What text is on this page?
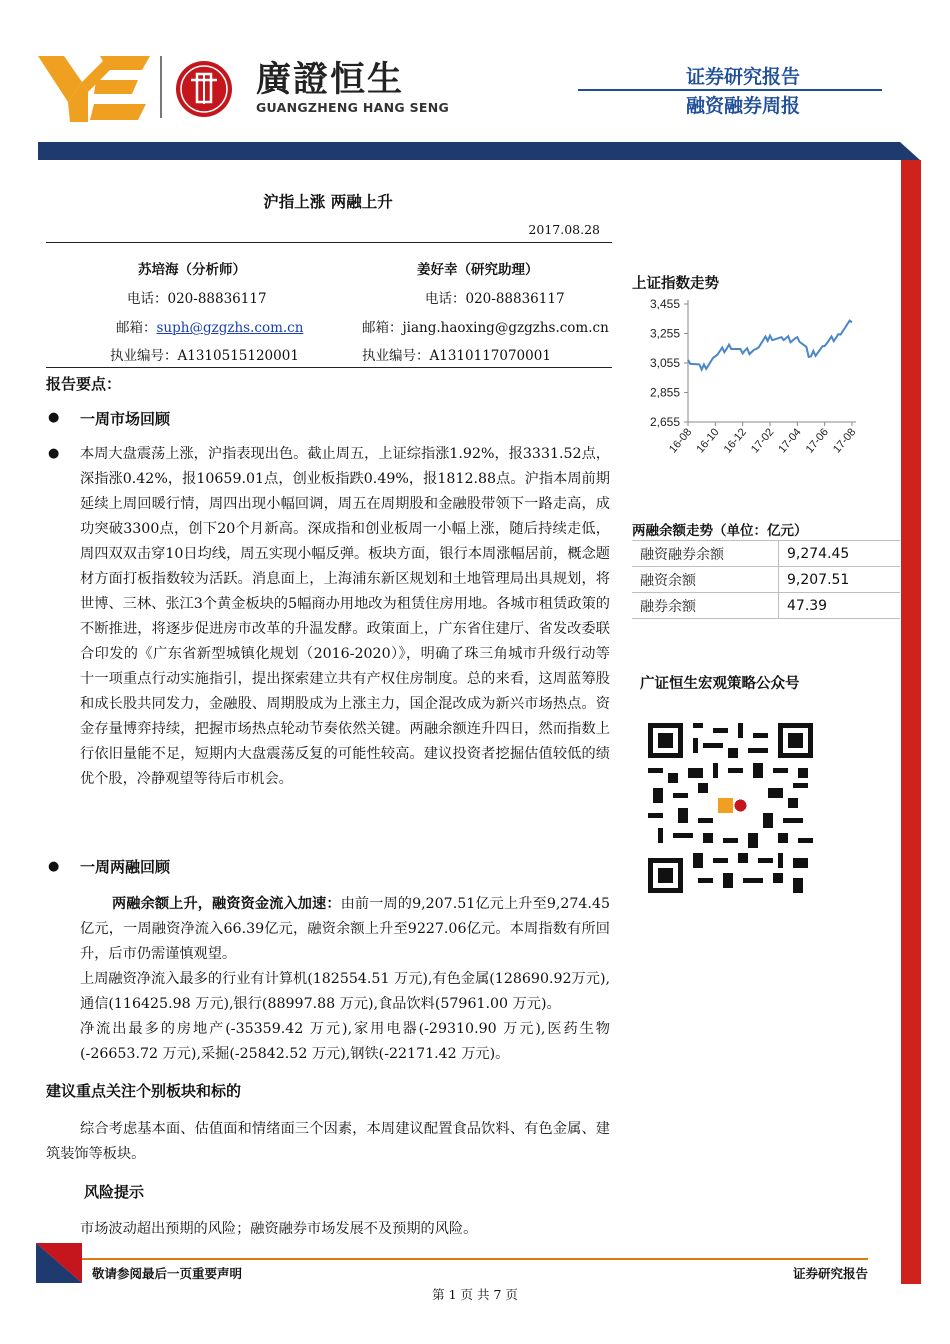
廣證恒生
GUANGZHENG HANG SENG
证券研究报告
融资融券周报
沪指上涨 两融上升
2017.08.28
苏培海（分析师）	姜好幸（研究助理）
电话：020-88836117	电话：020-88836117
邮箱：suph@gzgzhs.com.cn	邮箱：jiang.haoxing@gzgzhs.com.cn
执业编号：A1310515120001	执业编号：A1310117070001
报告要点：
● 一周市场回顾
● 本周大盘震荡上涨，沪指表现出色。截止周五，上证综指涨1.92%，报3331.52点，深指涨0.42%，报10659.01点，创业板指跌0.49%，报1812.88点。沪指本周前期延续上周回暖行情，周四出现小幅回调，周五在周期股和金融股带领下一路走高，成功突破3300点，创下20个月新高。深成指和创业板周一小幅上涨，随后持续走低，周四双双击穿10日均线，周五实现小幅反弹。板块方面，银行本周涨幅居前，概念题材方面打板指数较为活跃。消息面上，上海浦东新区规划和土地管理局出具规划，将世博、三林、张江3个黄金板块的5幅商办用地改为租赁住房用地。各城市租赁政策的不断推进，将逐步促进房市改革的升温发酵。政策面上，广东省住建厅、省发改委联合印发的《广东省新型城镇化规划（2016-2020）》，明确了珠三角城市升级行动等十一项重点行动实施指引，提出探索建立共有产权住房制度。总的来看，这周蓝筹股和成长股共同发力，金融股、周期股成为上涨主力，国企混改成为新兴市场热点。资金存量博弈持续，把握市场热点轮动节奏依然关键。两融余额连升四日，然而指数上行依旧量能不足，短期内大盘震荡反复的可能性较高。建议投资者挖掘估值较低的绩优个股，冷静观望等待后市机会。
● 一周两融回顾
两融余额上升，融资资金流入加速：由前一周的9,207.51亿元上升至9,274.45亿元，一周融资净流入66.39亿元，融资余额上升至9227.06亿元。本周指数有所回升，后市仍需谨慎观望。
上周融资净流入最多的行业有计算机(182554.51 万元),有色金属(128690.92万元),通信(116425.98 万元),银行(88997.88 万元),食品饮料(57961.00 万元)。
净流出最多的房地产(-35359.42 万元),家用电器(-29310.90 万元),医药生物(-26653.72 万元),采掘(-25842.52 万元),钢铁(-22171.42 万元)。
建议重点关注个别板块和标的
综合考虑基本面、估值面和情绪面三个因素，本周建议配置食品饮料、有色金属、建筑装饰等板块。
风险提示
市场波动超出预期的风险；融资融券市场发展不及预期的风险。
上证指数走势
3,455
3,255
3,055
2,855
2,655
16-08 16-10 16-12 17-02 17-04 17-06 17-08
两融余额走势（单位：亿元）
融资融券余额	9,274.45
融资余额	9,207.51
融券余额	47.39
广证恒生宏观策略公众号
敬请参阅最后一页重要声明	证券研究报告
第 1 页 共 7 页
